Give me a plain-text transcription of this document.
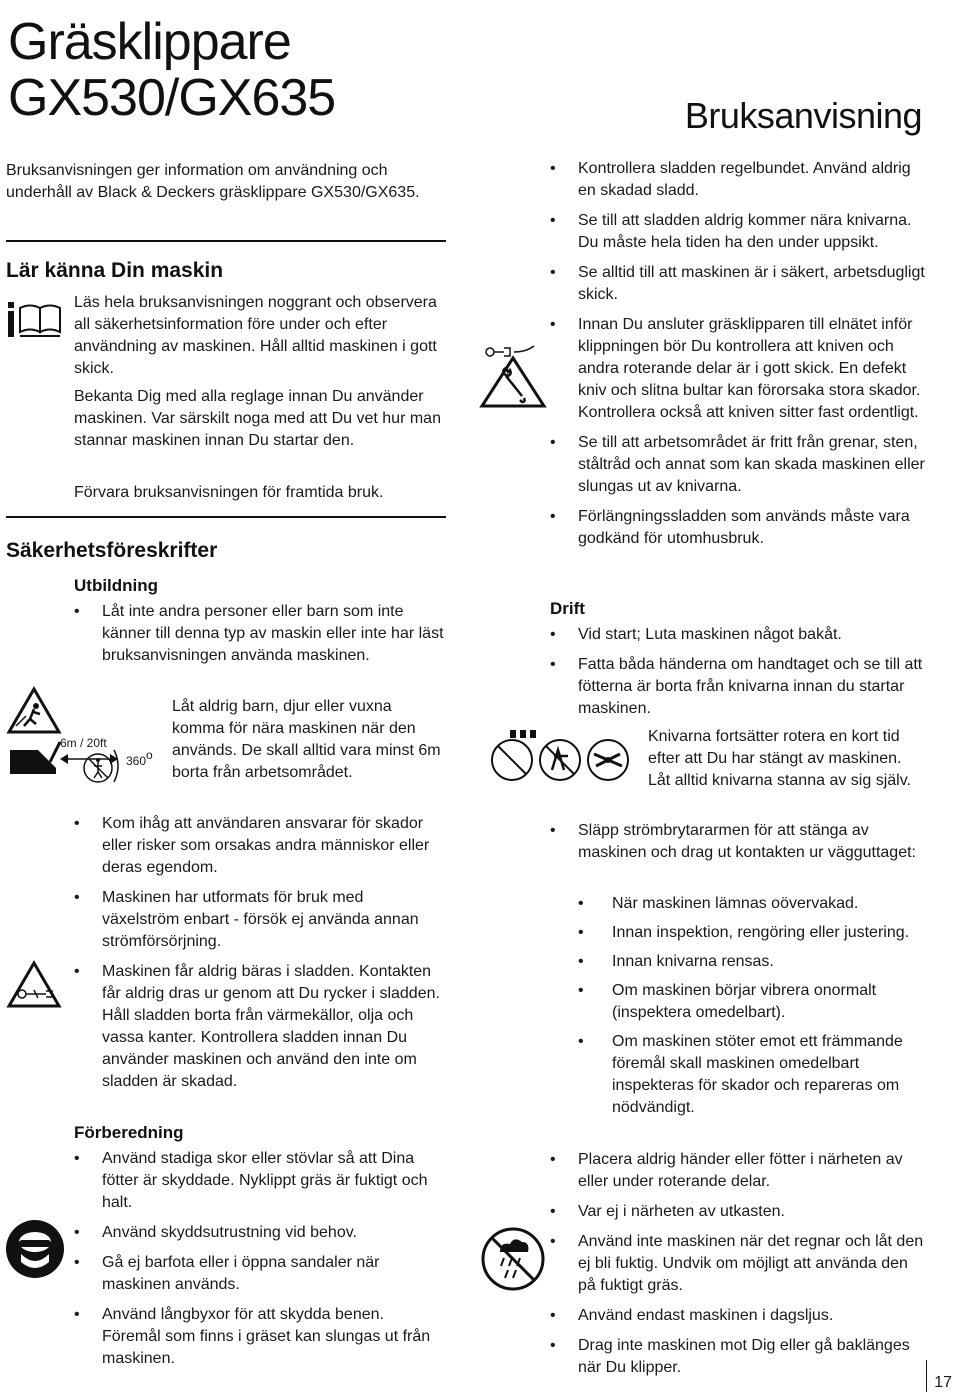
Gräsklippare
GX530/GX635	Bruksanvisning
Bruksanvisningen ger information om användning och underhåll av Black & Deckers gräsklippare GX530/GX635.
Lär känna Din maskin
Läs hela bruksanvisningen noggrant och observera all säkerhetsinformation före under och efter användning av maskinen. Håll alltid maskinen i gott skick.
Bekanta Dig med alla reglage innan Du använder maskinen. Var särskilt noga med att Du vet hur man stannar maskinen innan Du startar den.
Förvara bruksanvisningen för framtida bruk.
Säkerhetsföreskrifter
Utbildning
• Låt inte andra personer eller barn som inte känner till denna typ av maskin eller inte har läst bruksanvisningen använda maskinen.
6m / 20ft
360o
Låt aldrig barn, djur eller vuxna komma för nära maskinen när den används. De skall alltid vara minst 6m borta från arbetsområdet.
• Kom ihåg att användaren ansvarar för skador eller risker som orsakas andra människor eller deras egendom.
• Maskinen har utformats för bruk med växelström enbart - försök ej använda annan strömförsörjning.
• Maskinen får aldrig bäras i sladden. Kontakten får aldrig dras ur genom att Du rycker i sladden. Håll sladden borta från värmekällor, olja och vassa kanter. Kontrollera sladden innan Du använder maskinen och använd den inte om sladden är skadad.
Förberedning
• Använd stadiga skor eller stövlar så att Dina fötter är skyddade. Nyklippt gräs är fuktigt och halt.
• Använd skyddsutrustning vid behov.
• Gå ej barfota eller i öppna sandaler när maskinen används.
• Använd långbyxor för att skydda benen. Föremål som finns i gräset kan slungas ut från maskinen.
• Kontrollera sladden regelbundet. Använd aldrig en skadad sladd.
• Se till att sladden aldrig kommer nära knivarna. Du måste hela tiden ha den under uppsikt.
• Se alltid till att maskinen är i säkert, arbetsdugligt skick.
• Innan Du ansluter gräsklipparen till elnätet inför klippningen bör Du kontrollera att kniven och andra roterande delar är i gott skick. En defekt kniv och slitna bultar kan förorsaka stora skador. Kontrollera också att kniven sitter fast ordentligt.
• Se till att arbetsområdet är fritt från grenar, sten, ståltråd och annat som kan skada maskinen eller slungas ut av knivarna.
• Förlängningssladden som används måste vara godkänd för utomhusbruk.
Drift
• Vid start; Luta maskinen något bakåt.
• Fatta båda händerna om handtaget och se till att fötterna är borta från knivarna innan du startar maskinen.
Knivarna fortsätter rotera en kort tid efter att Du har stängt av maskinen. Låt alltid knivarna stanna av sig själv.
• Släpp strömbrytararmen för att stänga av maskinen och drag ut kontakten ur vägguttaget:
• När maskinen lämnas oövervakad.
• Innan inspektion, rengöring eller justering.
• Innan knivarna rensas.
• Om maskinen börjar vibrera onormalt (inspektera omedelbart).
• Om maskinen stöter emot ett främmande föremål skall maskinen omedelbart inspekteras för skador och repareras om nödvändigt.
• Placera aldrig händer eller fötter i närheten av eller under roterande delar.
• Var ej i närheten av utkasten.
• Använd inte maskinen när det regnar och låt den ej bli fuktig. Undvik om möjligt att använda den på fuktigt gräs.
• Använd endast maskinen i dagsljus.
• Drag inte maskinen mot Dig eller gå baklänges när Du klipper.
17
